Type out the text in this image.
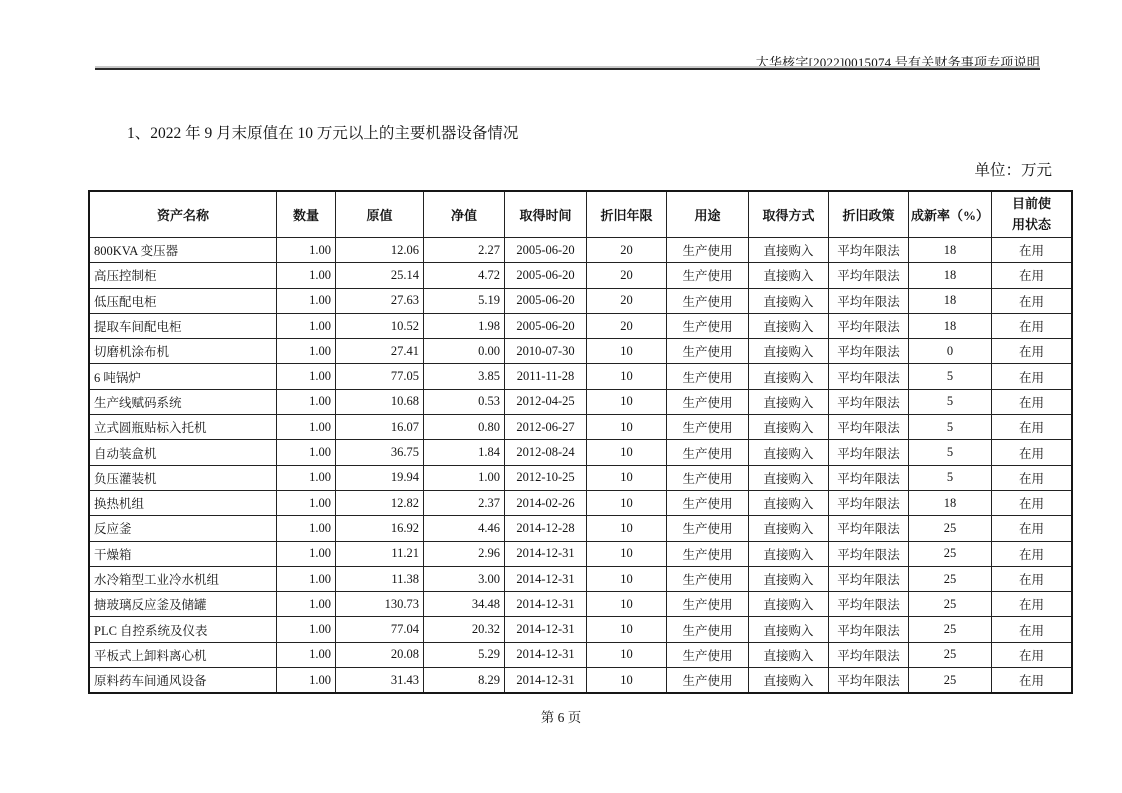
大华核字[2022]0015074 号有关财务事项专项说明
1、2022 年 9 月末原值在 10 万元以上的主要机器设备情况
单位：万元
资产名称	数量	原值	净值	取得时间	折旧年限	用途	取得方式	折旧政策	成新率（%）	目前使用状态
800KVA 变压器	1.00	12.06	2.27	2005-06-20	20	生产使用	直接购入	平均年限法	18	在用
高压控制柜	1.00	25.14	4.72	2005-06-20	20	生产使用	直接购入	平均年限法	18	在用
低压配电柜	1.00	27.63	5.19	2005-06-20	20	生产使用	直接购入	平均年限法	18	在用
提取车间配电柜	1.00	10.52	1.98	2005-06-20	20	生产使用	直接购入	平均年限法	18	在用
切磨机涂布机	1.00	27.41	0.00	2010-07-30	10	生产使用	直接购入	平均年限法	0	在用
6 吨锅炉	1.00	77.05	3.85	2011-11-28	10	生产使用	直接购入	平均年限法	5	在用
生产线赋码系统	1.00	10.68	0.53	2012-04-25	10	生产使用	直接购入	平均年限法	5	在用
立式圆瓶贴标入托机	1.00	16.07	0.80	2012-06-27	10	生产使用	直接购入	平均年限法	5	在用
自动装盒机	1.00	36.75	1.84	2012-08-24	10	生产使用	直接购入	平均年限法	5	在用
负压灌装机	1.00	19.94	1.00	2012-10-25	10	生产使用	直接购入	平均年限法	5	在用
换热机组	1.00	12.82	2.37	2014-02-26	10	生产使用	直接购入	平均年限法	18	在用
反应釜	1.00	16.92	4.46	2014-12-28	10	生产使用	直接购入	平均年限法	25	在用
干燥箱	1.00	11.21	2.96	2014-12-31	10	生产使用	直接购入	平均年限法	25	在用
水冷箱型工业冷水机组	1.00	11.38	3.00	2014-12-31	10	生产使用	直接购入	平均年限法	25	在用
搪玻璃反应釜及储罐	1.00	130.73	34.48	2014-12-31	10	生产使用	直接购入	平均年限法	25	在用
PLC 自控系统及仪表	1.00	77.04	20.32	2014-12-31	10	生产使用	直接购入	平均年限法	25	在用
平板式上卸料离心机	1.00	20.08	5.29	2014-12-31	10	生产使用	直接购入	平均年限法	25	在用
原料药车间通风设备	1.00	31.43	8.29	2014-12-31	10	生产使用	直接购入	平均年限法	25	在用
第 6 页
